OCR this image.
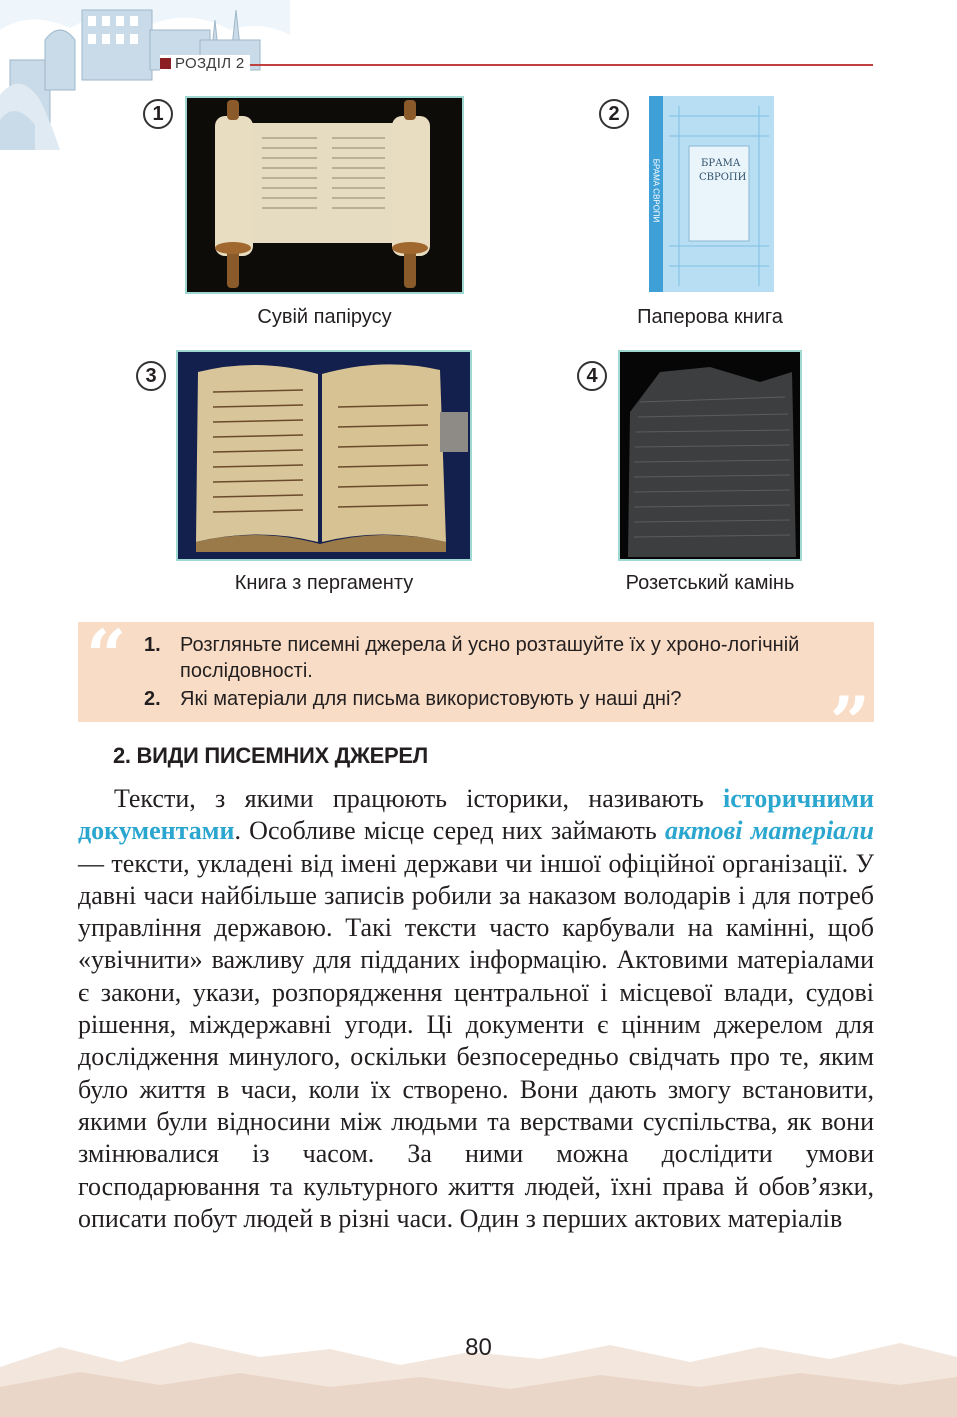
РОЗДІЛ 2
1
Сувій папірусу
2
БРАМА
СВРОПИ
БРАМА СВРОПИ
Паперова книга
3
Книга з пергаменту
4
Розетський камінь
“ 1. Розгляньте писемні джерела й усно розташуйте їх у хроно-логічній послідовності.
2. Які матеріали для письма використовують у наші дні?	”
2. ВИДИ ПИСЕМНИХ ДЖЕРЕЛ
Тексти, з якими працюють історики, називають історичними документами. Особливе місце серед них займають актові матеріали — тексти, укладені від імені держави чи іншої офіційної організації. У давні часи найбільше записів робили за наказом володарів і для потреб управління державою. Такі тексти часто карбували на камінні, щоб «увічнити» важливу для підданих інформацію. Актовими матеріалами є закони, укази, розпорядження центральної і місцевої влади, судові рішення, міждержавні угоди. Ці документи є цінним джерелом для дослідження минулого, оскільки безпосередньо свідчать про те, яким було життя в часи, коли їх створено. Вони дають змогу встановити, якими були відносини між людьми та верствами суспільства, як вони змінювалися із часом. За ними можна дослідити умови господарювання та культурного життя людей, їхні права й обов’язки, описати побут людей в різні часи. Один з перших актових матеріалів
80
